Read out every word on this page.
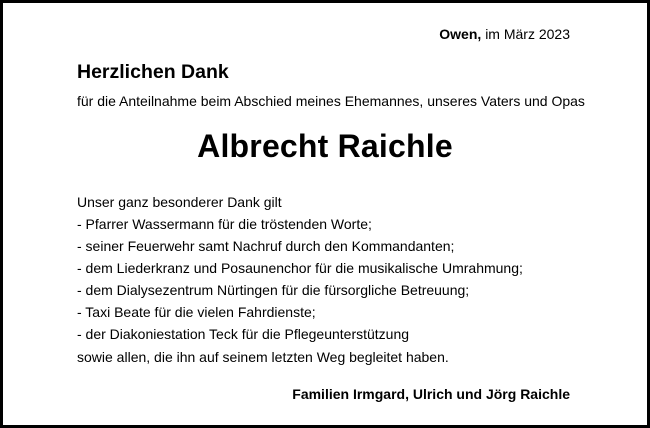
Owen, im März 2023
Herzlichen Dank
für die Anteilnahme beim Abschied meines Ehemannes, unseres Vaters und Opas
Albrecht Raichle
Unser ganz besonderer Dank gilt
- Pfarrer Wassermann für die tröstenden Worte;
- seiner Feuerwehr samt Nachruf durch den Kommandanten;
- dem Liederkranz und Posaunenchor für die musikalische Umrahmung;
- dem Dialysezentrum Nürtingen für die fürsorgliche Betreuung;
- Taxi Beate für die vielen Fahrdienste;
- der Diakoniestation Teck für die Pflegeunterstützung
sowie allen, die ihn auf seinem letzten Weg begleitet haben.
Familien Irmgard, Ulrich und Jörg Raichle
